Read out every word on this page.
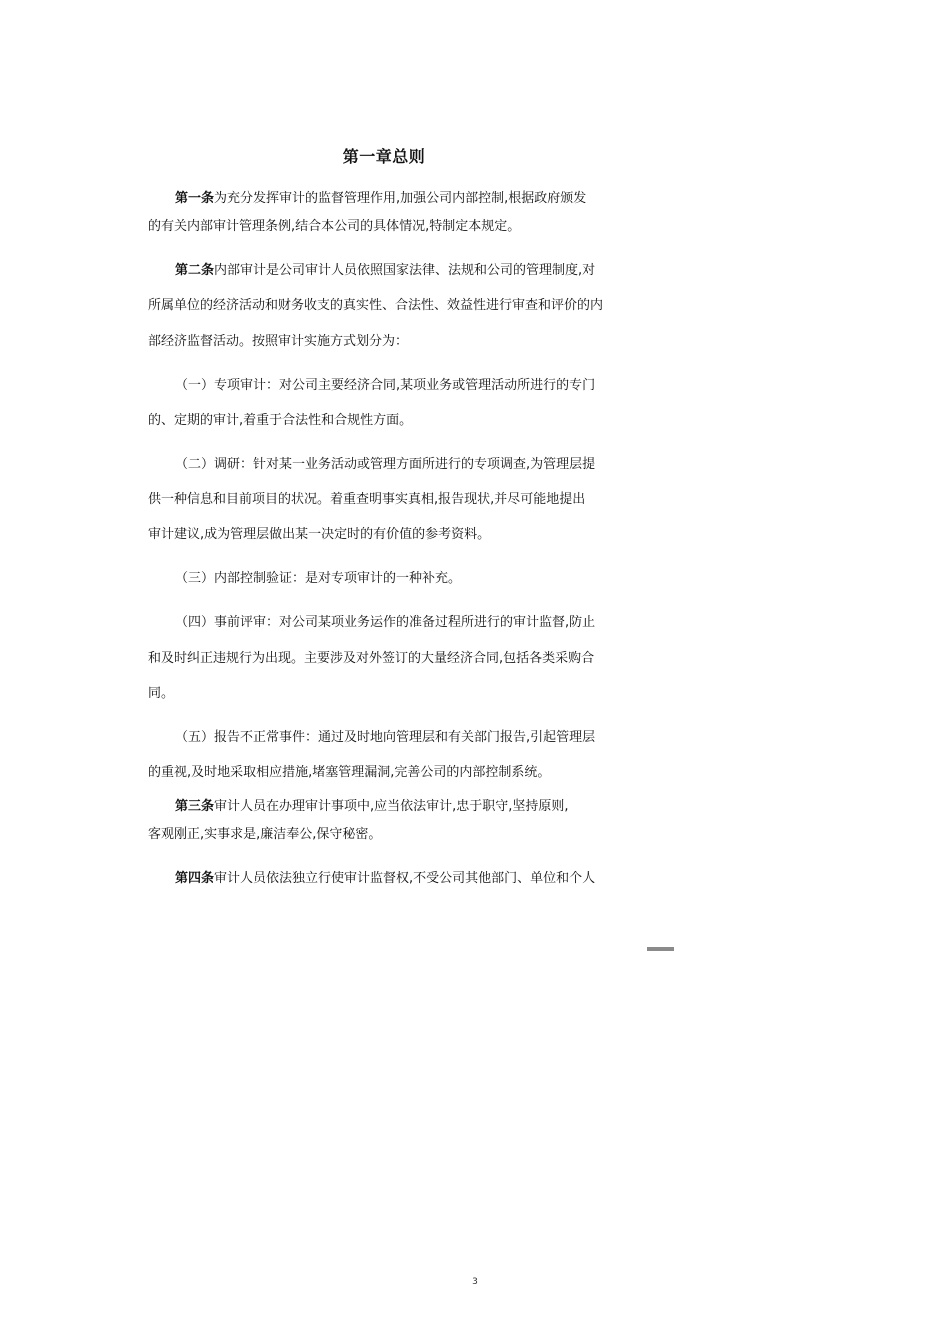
第一章总则
第一条为充分发挥审计的监督管理作用,加强公司内部控制,根据政府颁发
的有关内部审计管理条例,结合本公司的具体情况,特制定本规定。
第二条内部审计是公司审计人员依照国家法律、法规和公司的管理制度,对
所属单位的经济活动和财务收支的真实性、合法性、效益性进行审查和评价的内
部经济监督活动。按照审计实施方式划分为：
（一）专项审计：对公司主要经济合同,某项业务或管理活动所进行的专门
的、定期的审计,着重于合法性和合规性方面。
（二）调研：针对某一业务活动或管理方面所进行的专项调查,为管理层提
供一种信息和目前项目的状况。着重查明事实真相,报告现状,并尽可能地提出
审计建议,成为管理层做出某一决定时的有价值的参考资料。
（三）内部控制验证：是对专项审计的一种补充。
（四）事前评审：对公司某项业务运作的准备过程所进行的审计监督,防止
和及时纠正违规行为出现。主要涉及对外签订的大量经济合同,包括各类采购合
同。
（五）报告不正常事件：通过及时地向管理层和有关部门报告,引起管理层
的重视,及时地采取相应措施,堵塞管理漏洞,完善公司的内部控制系统。
第三条审计人员在办理审计事项中,应当依法审计,忠于职守,坚持原则,
客观刚正,实事求是,廉洁奉公,保守秘密。
第四条审计人员依法独立行使审计监督权,不受公司其他部门、单位和个人
3
